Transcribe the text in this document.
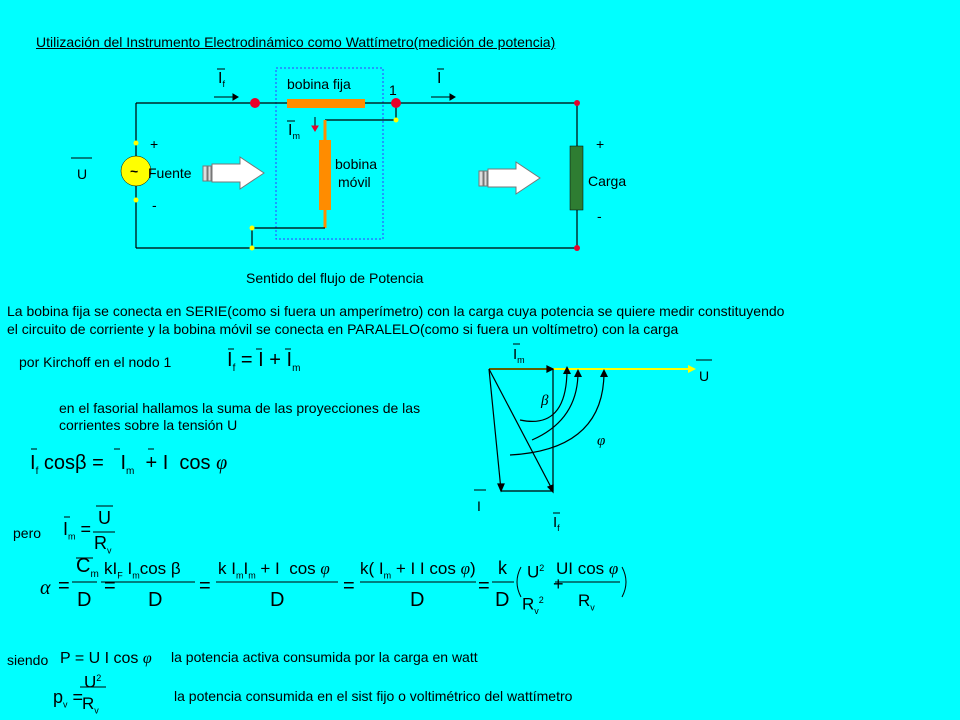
Utilización del Instrumento Electrodinámico como Wattímetro(medición de potencia)
$I_f$	I
$I_m$
1
bobina fija
bobina
móvil
Fuente
~
U
+
-
+
-
Carga
Sentido del flujo de Potencia
La bobina fija se conecta en SERIE(como si fuera un amperímetro) con la carga cuya potencia se quiere medir constituyendo
el circuito de corriente y la bobina móvil se conecta en PARALELO(como si fuera un voltímetro) con la carga
por Kirchoff en el nodo 1	$I_f = I + I_m$
en el fasorial hallamos la suma de las proyecciones de las
corrientes sobre la tensión U
$I_m$
U
β
φ
I
$I_f$
$I_f$ $\cos\beta = I_m + I$  cos φ
pero $I_m$ =
U
$R_v$
α =
$C_m$
D
=
$kI_F$ $I_m\cos$ β
D
=
k $I_mI_m + I$  cos φ
D
=
k( $I_m + I$ I cos φ)
D
=
k
D
$U^2$
$R_v^2$
+
UI cos φ
$R_v$
siendo P = U I cos φ la potencia activa consumida por la carga en watt
$p_v$ =
$U^2$
$R_v$
la potencia consumida en el sist fijo o voltimétrico del wattímetro
